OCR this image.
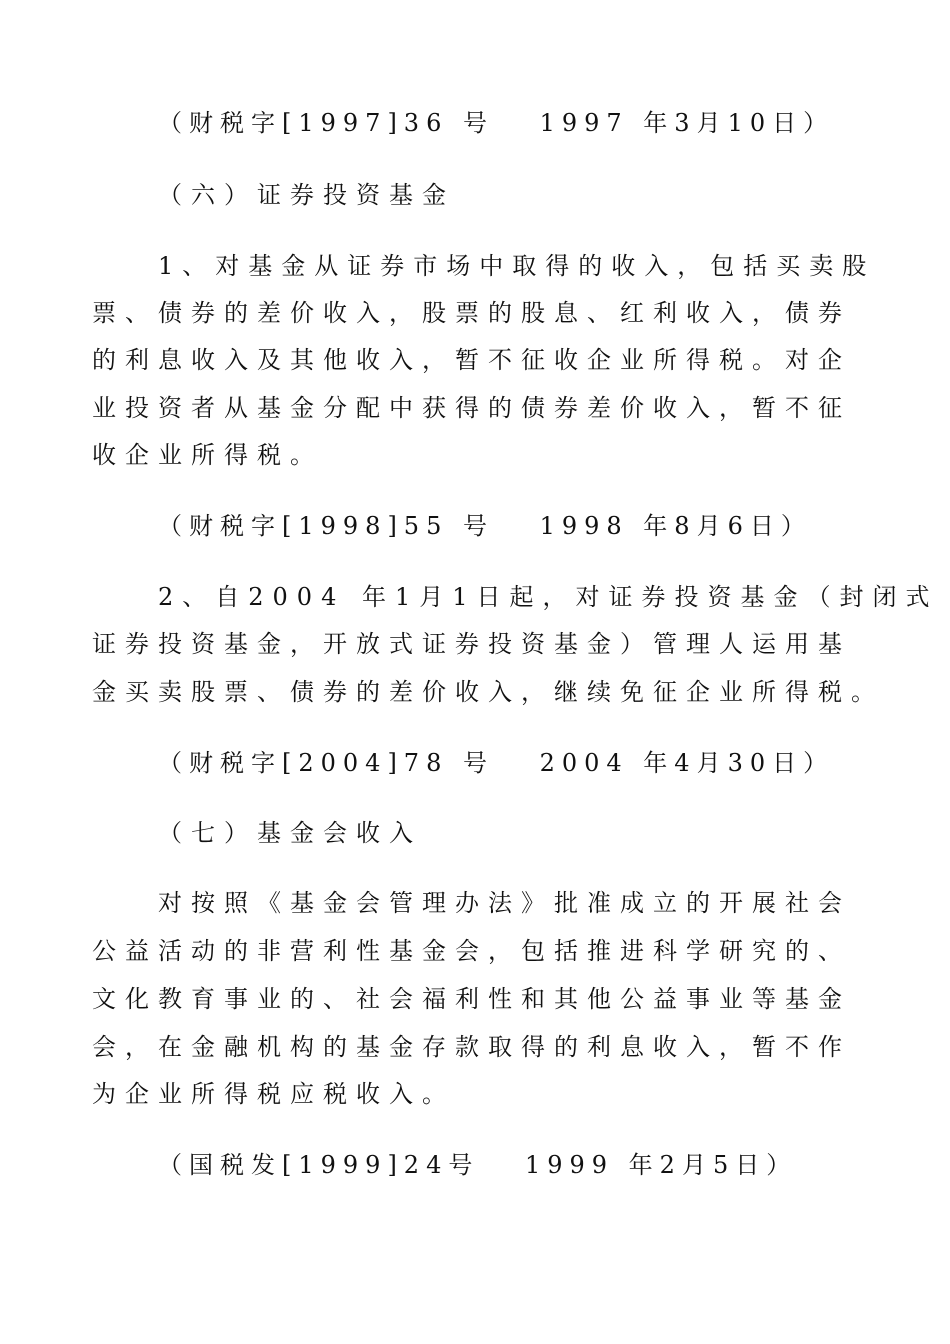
（财税字[1997]36 号　 1997 年3月10日）
（六）证券投资基金
1、对基金从证券市场中取得的收入，包括买卖股
票、债券的差价收入，股票的股息、红利收入，债券
的利息收入及其他收入，暂不征收企业所得税。对企
业投资者从基金分配中获得的债券差价收入，暂不征
收企业所得税。
（财税字[1998]55 号　 1998 年8月6日）
2、自2004 年1月1日起，对证券投资基金（封闭式
证券投资基金，开放式证券投资基金）管理人运用基
金买卖股票、债券的差价收入，继续免征企业所得税。
（财税字[2004]78 号　 2004 年4月30日）
（七）基金会收入
对按照《基金会管理办法》批准成立的开展社会
公益活动的非营利性基金会，包括推进科学研究的、
文化教育事业的、社会福利性和其他公益事业等基金
会，在金融机构的基金存款取得的利息收入，暂不作
为企业所得税应税收入。
（国税发[1999]24号　 1999 年2月5日）
